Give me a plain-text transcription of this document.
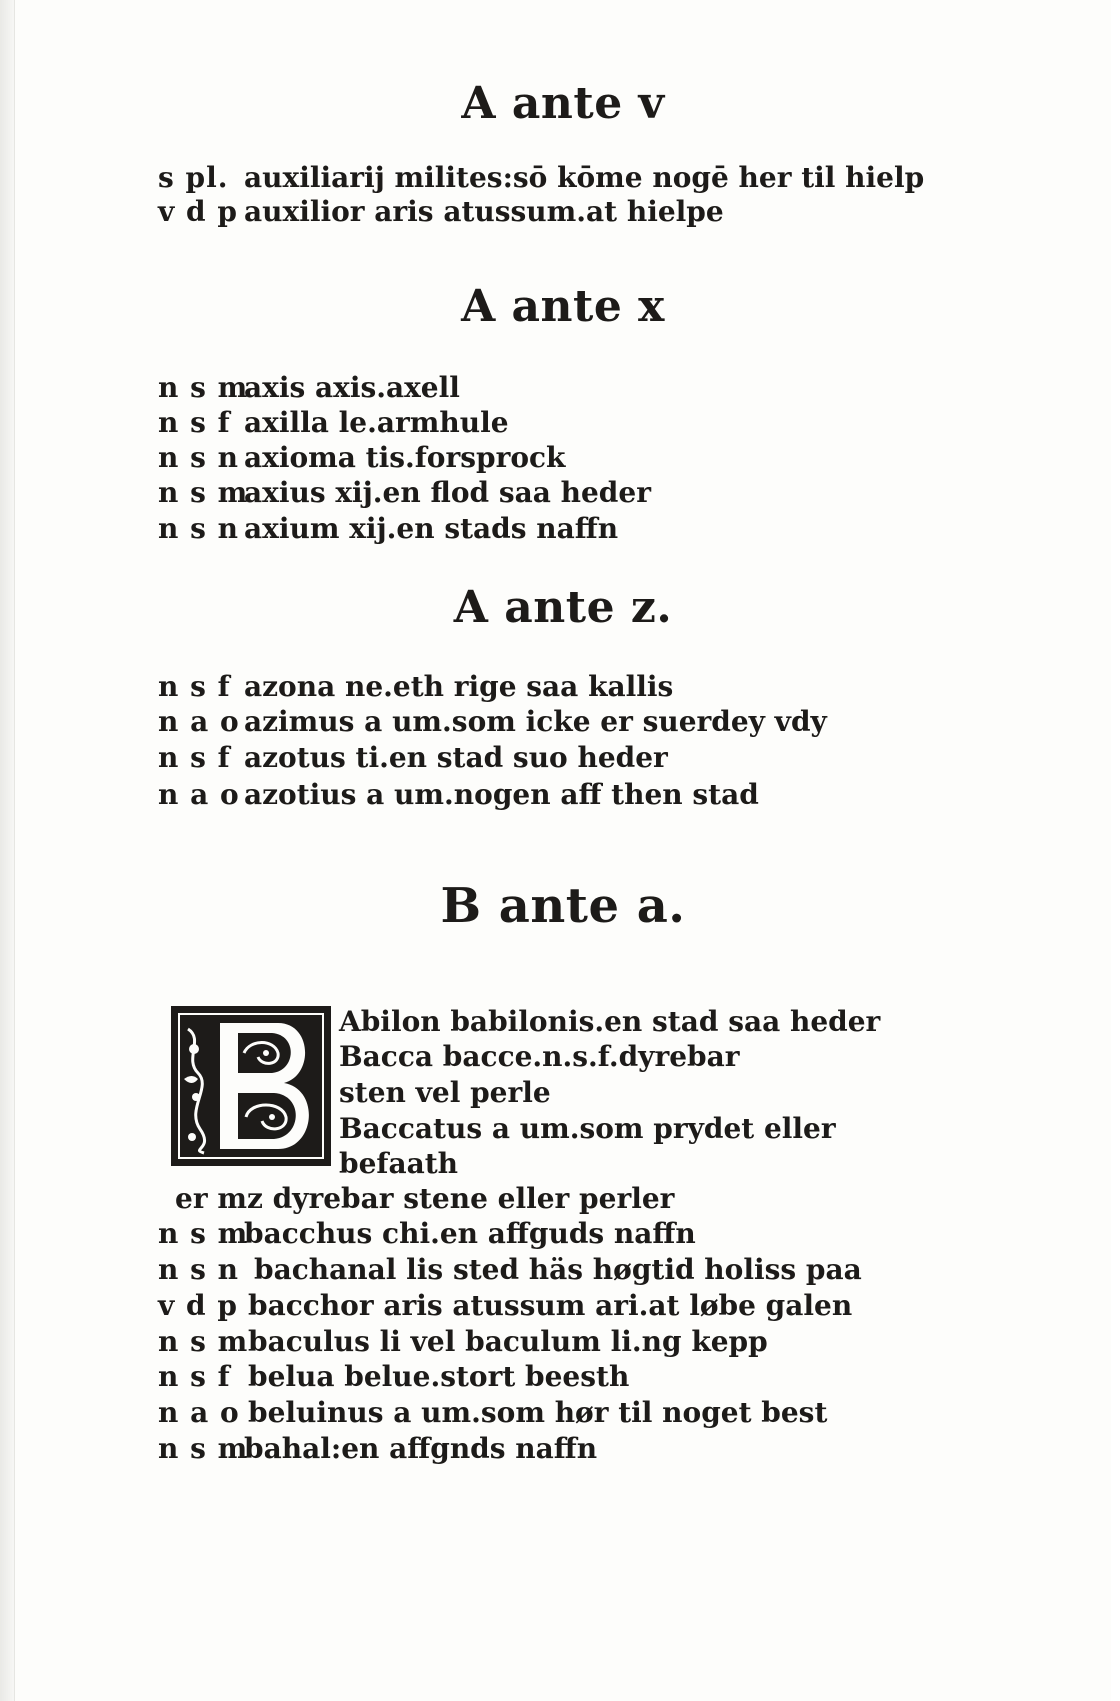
A ante v
s pl. auxiliarij milites:sō kōme nogē her til hielp
v d p auxilior aris atussum.at hielpe
A ante x
n s m
axis axis.axell
n s f axilla le.armhule
n s n axioma tis.forsprock
n s m
axius xij.en flod saa heder
n s n axium xij.en stads naffn
A ante z.
n s f azona ne.eth rige saa kallis
n a o azimus a um.som icke er suerdey vdy
n s f azotus ti.en stad suo heder
n a o azotius a um.nogen aff then stad
B ante a.
Abilon babilonis.en stad saa heder
Bacca bacce.n.s.f.dyrebar
sten vel perle
Baccatus a um.som prydet eller
befaath
er mz dyrebar stene eller perler
n s m
bacchus chi.en affguds naffn
n s n bachanal lis sted häs høgtid holiss paa
v d p bacchor aris atussum ari.at løbe galen
n s m baculus li vel baculum li.ng kepp
n s f belua belue.stort beesth
n a o beluinus a um.som hør til noget best
n s m
bahal:en affgnds naffn
